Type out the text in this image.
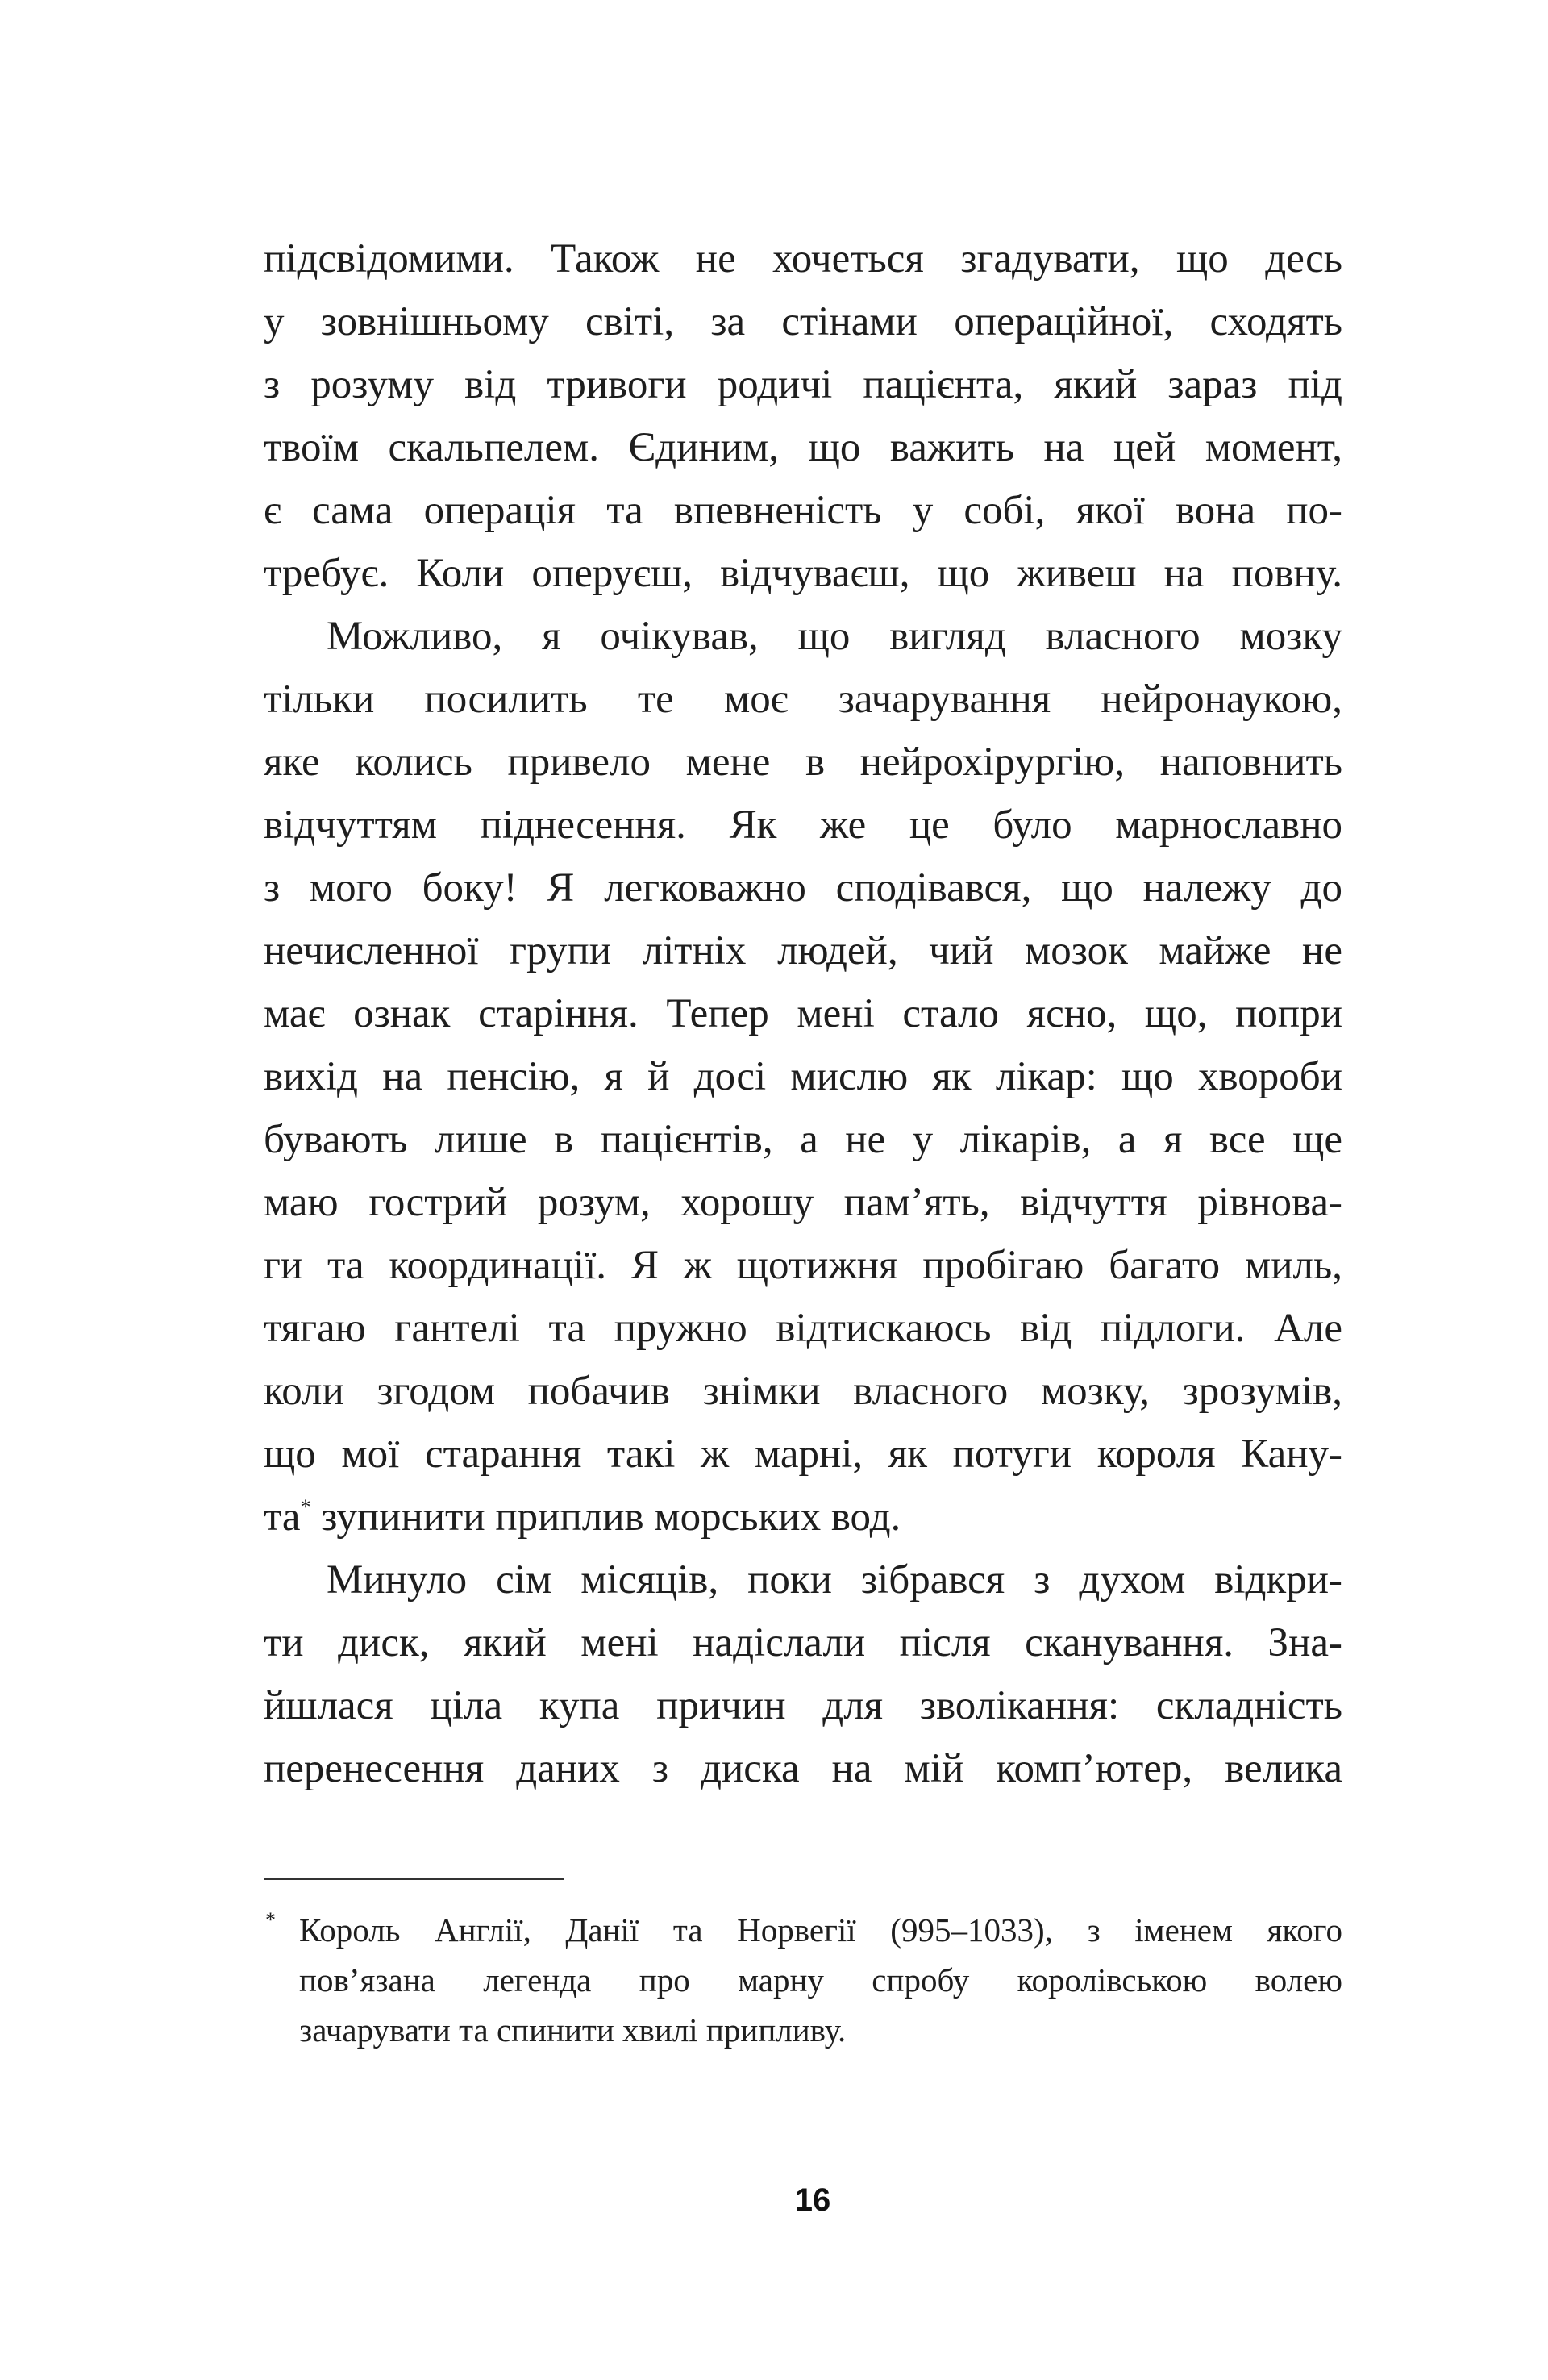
підсвідомими. Також не хочеться згадувати, що десь
у зовнішньому світі, за стінами операційної, сходять
з розуму від тривоги родичі пацієнта, який зараз під
твоїм скальпелем. Єдиним, що важить на цей момент,
є сама операція та впевненість у собі, якої вона по-
требує. Коли оперуєш, відчуваєш, що живеш на повну.
Можливо, я очікував, що вигляд власного мозку
тільки посилить те моє зачарування нейронаукою,
яке колись привело мене в нейрохірургію, наповнить
відчуттям піднесення. Як же це було марнославно
з мого боку! Я легковажно сподівався, що належу до
нечисленної групи літніх людей, чий мозок майже не
має ознак старіння. Тепер мені стало ясно, що, попри
вихід на пенсію, я й досі мислю як лікар: що хвороби
бувають лише в пацієнтів, а не у лікарів, а я все ще
маю гострий розум, хорошу пам’ять, відчуття рівнова-
ги та координації. Я ж щотижня пробігаю багато миль,
тягаю гантелі та пружно відтискаюсь від підлоги. Але
коли згодом побачив знімки власного мозку, зрозумів,
що мої старання такі ж марні, як потуги короля Кану-
та* зупинити приплив морських вод.
Минуло сім місяців, поки зібрався з духом відкри-
ти диск, який мені надіслали після сканування. Зна-
йшлася ціла купа причин для зволікання: складність
перенесення даних з диска на мій комп’ютер, велика
* Король Англії, Данії та Норвегії (995–1033), з іменем якого
пов’язана легенда про марну спробу королівською волею
зачарувати та спинити хвилі припливу.
16
